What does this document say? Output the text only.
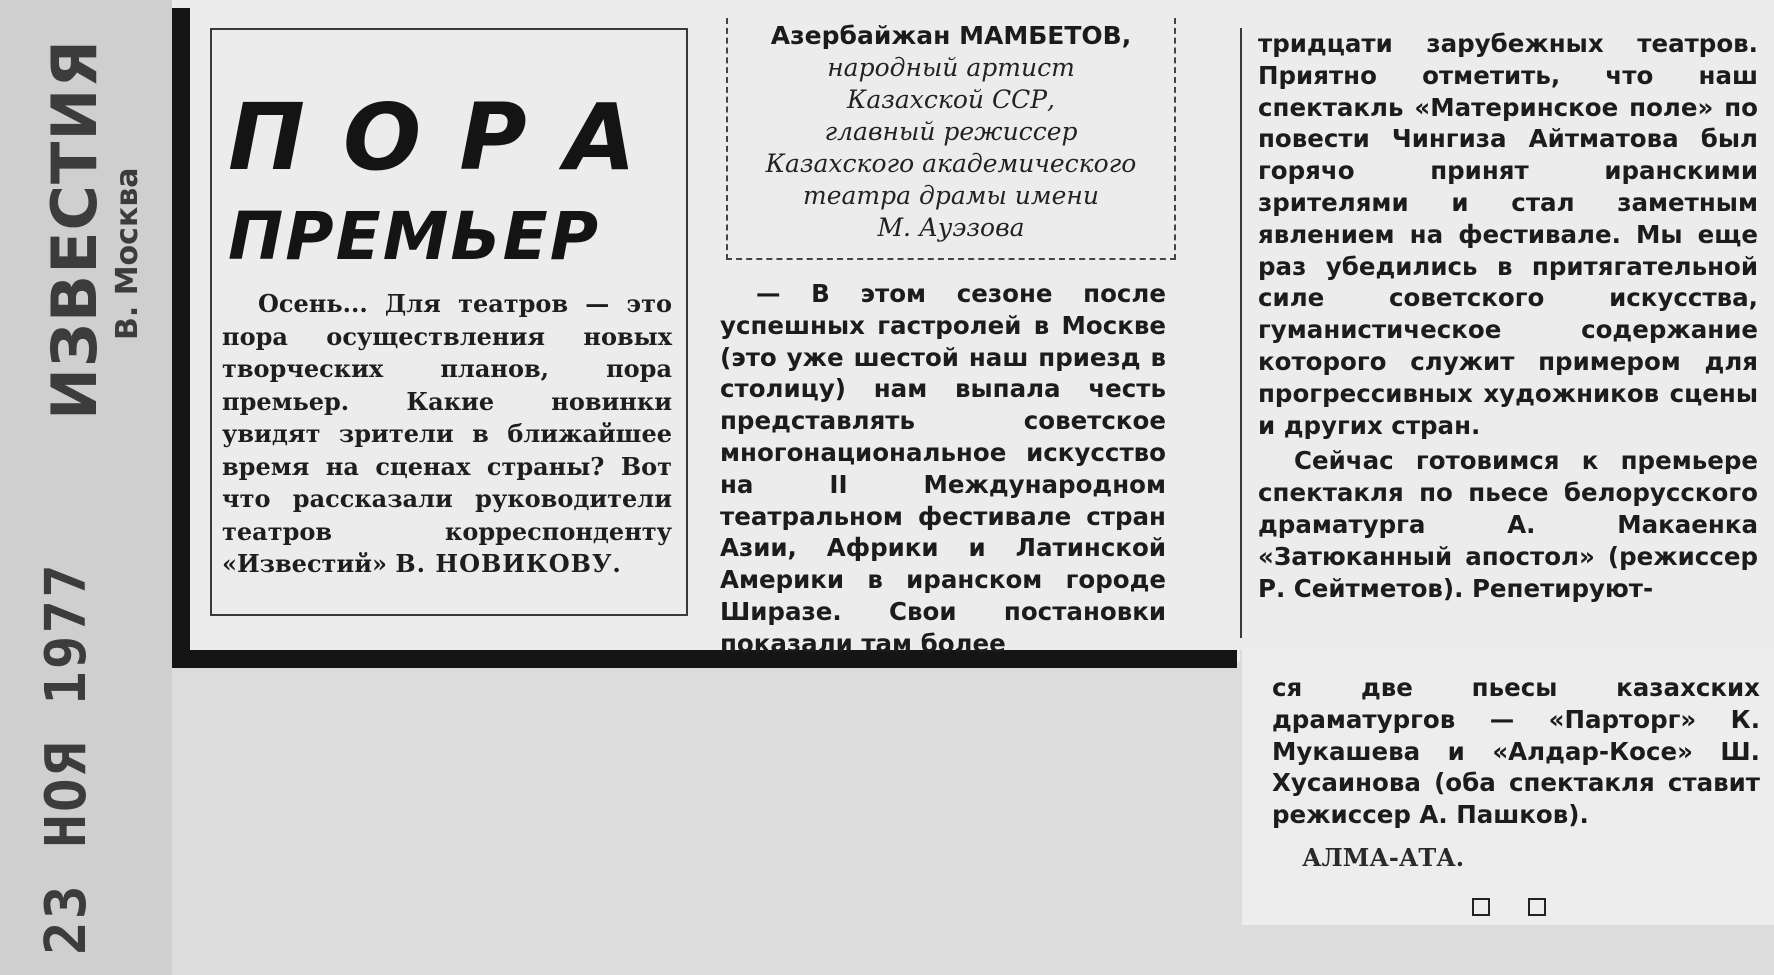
ИЗВЕСТИЯ В. Москва
23 НОЯ 1977
ПОРА
ПРЕМЬЕР

Осень... Для театров — это пора осуществления новых творческих планов, пора премьер. Какие новинки увидят зрители в ближайшее время на сценах страны? Вот что рассказали руководители театров корреспонденту «Известий» В. НОВИКОВУ.

Азербайжан МАМБЕТОВ,

народный артист

Казахской ССР,

главный режиссер

Казахского академического

театра драмы имени

М. Ауэзова

— В этом сезоне после успешных гастролей в Москве (это уже шестой наш приезд в столицу) нам выпала честь представлять советское многонациональное искусство на II Международном театральном фестивале стран Азии, Африки и Латинской Америки в иранском городе Ширазе. Свои постановки показали там более

тридцати зарубежных театров. Приятно отметить, что наш спектакль «Материнское поле» по повести Чингиза Айтматова был горячо принят иранскими зрителями и стал заметным явлением на фестивале. Мы еще раз убедились в притягательной силе советского искусства, гуманистическое содержание которого служит примером для прогрессивных художников сцены и других стран.
Сейчас готовимся к премьере спектакля по пьесе белорусского драматурга А. Макаенка «Затюканный апостол» (режиссер Р. Сейтметов). Репетируют-

ся две пьесы казахских драматургов — «Парторг» К. Мукашева и «Алдар-Косе» Ш. Хусаинова (оба спектакля ставит режиссер А. Пашков).

АЛМА-АТА.
